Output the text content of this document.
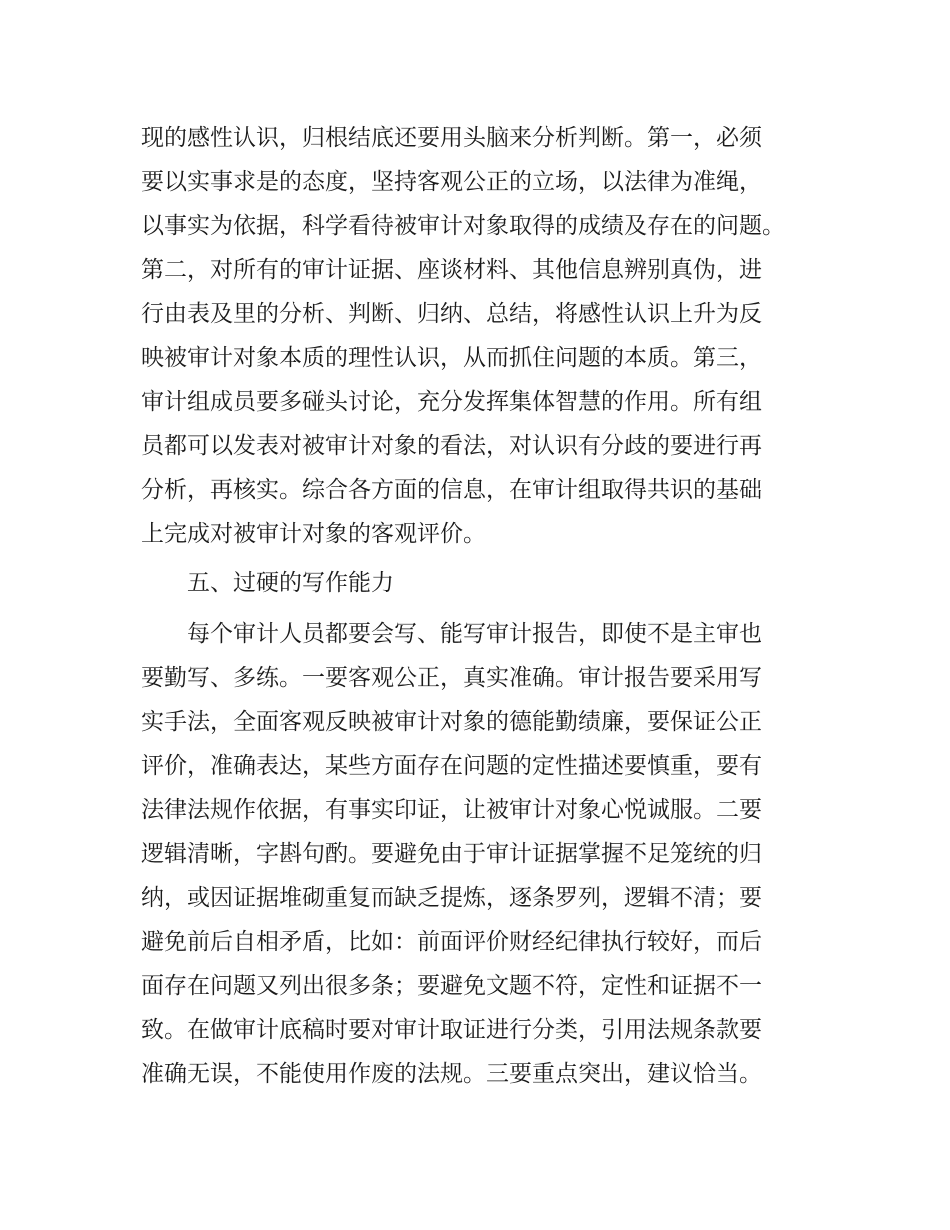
现的感性认识，归根结底还要用头脑来分析判断。第一，必须
要以实事求是的态度，坚持客观公正的立场，以法律为准绳，
以事实为依据，科学看待被审计对象取得的成绩及存在的问题。
第二，对所有的审计证据、座谈材料、其他信息辨别真伪，进
行由表及里的分析、判断、归纳、总结，将感性认识上升为反
映被审计对象本质的理性认识，从而抓住问题的本质。第三，
审计组成员要多碰头讨论，充分发挥集体智慧的作用。所有组
员都可以发表对被审计对象的看法，对认识有分歧的要进行再
分析，再核实。综合各方面的信息，在审计组取得共识的基础
上完成对被审计对象的客观评价。
五、过硬的写作能力
每个审计人员都要会写、能写审计报告，即使不是主审也
要勤写、多练。一要客观公正，真实准确。审计报告要采用写
实手法，全面客观反映被审计对象的德能勤绩廉，要保证公正
评价，准确表达，某些方面存在问题的定性描述要慎重，要有
法律法规作依据，有事实印证，让被审计对象心悦诚服。二要
逻辑清晰，字斟句酌。要避免由于审计证据掌握不足笼统的归
纳，或因证据堆砌重复而缺乏提炼，逐条罗列，逻辑不清；要
避免前后自相矛盾，比如：前面评价财经纪律执行较好，而后
面存在问题又列出很多条；要避免文题不符，定性和证据不一
致。在做审计底稿时要对审计取证进行分类，引用法规条款要
准确无误，不能使用作废的法规。三要重点突出，建议恰当。
